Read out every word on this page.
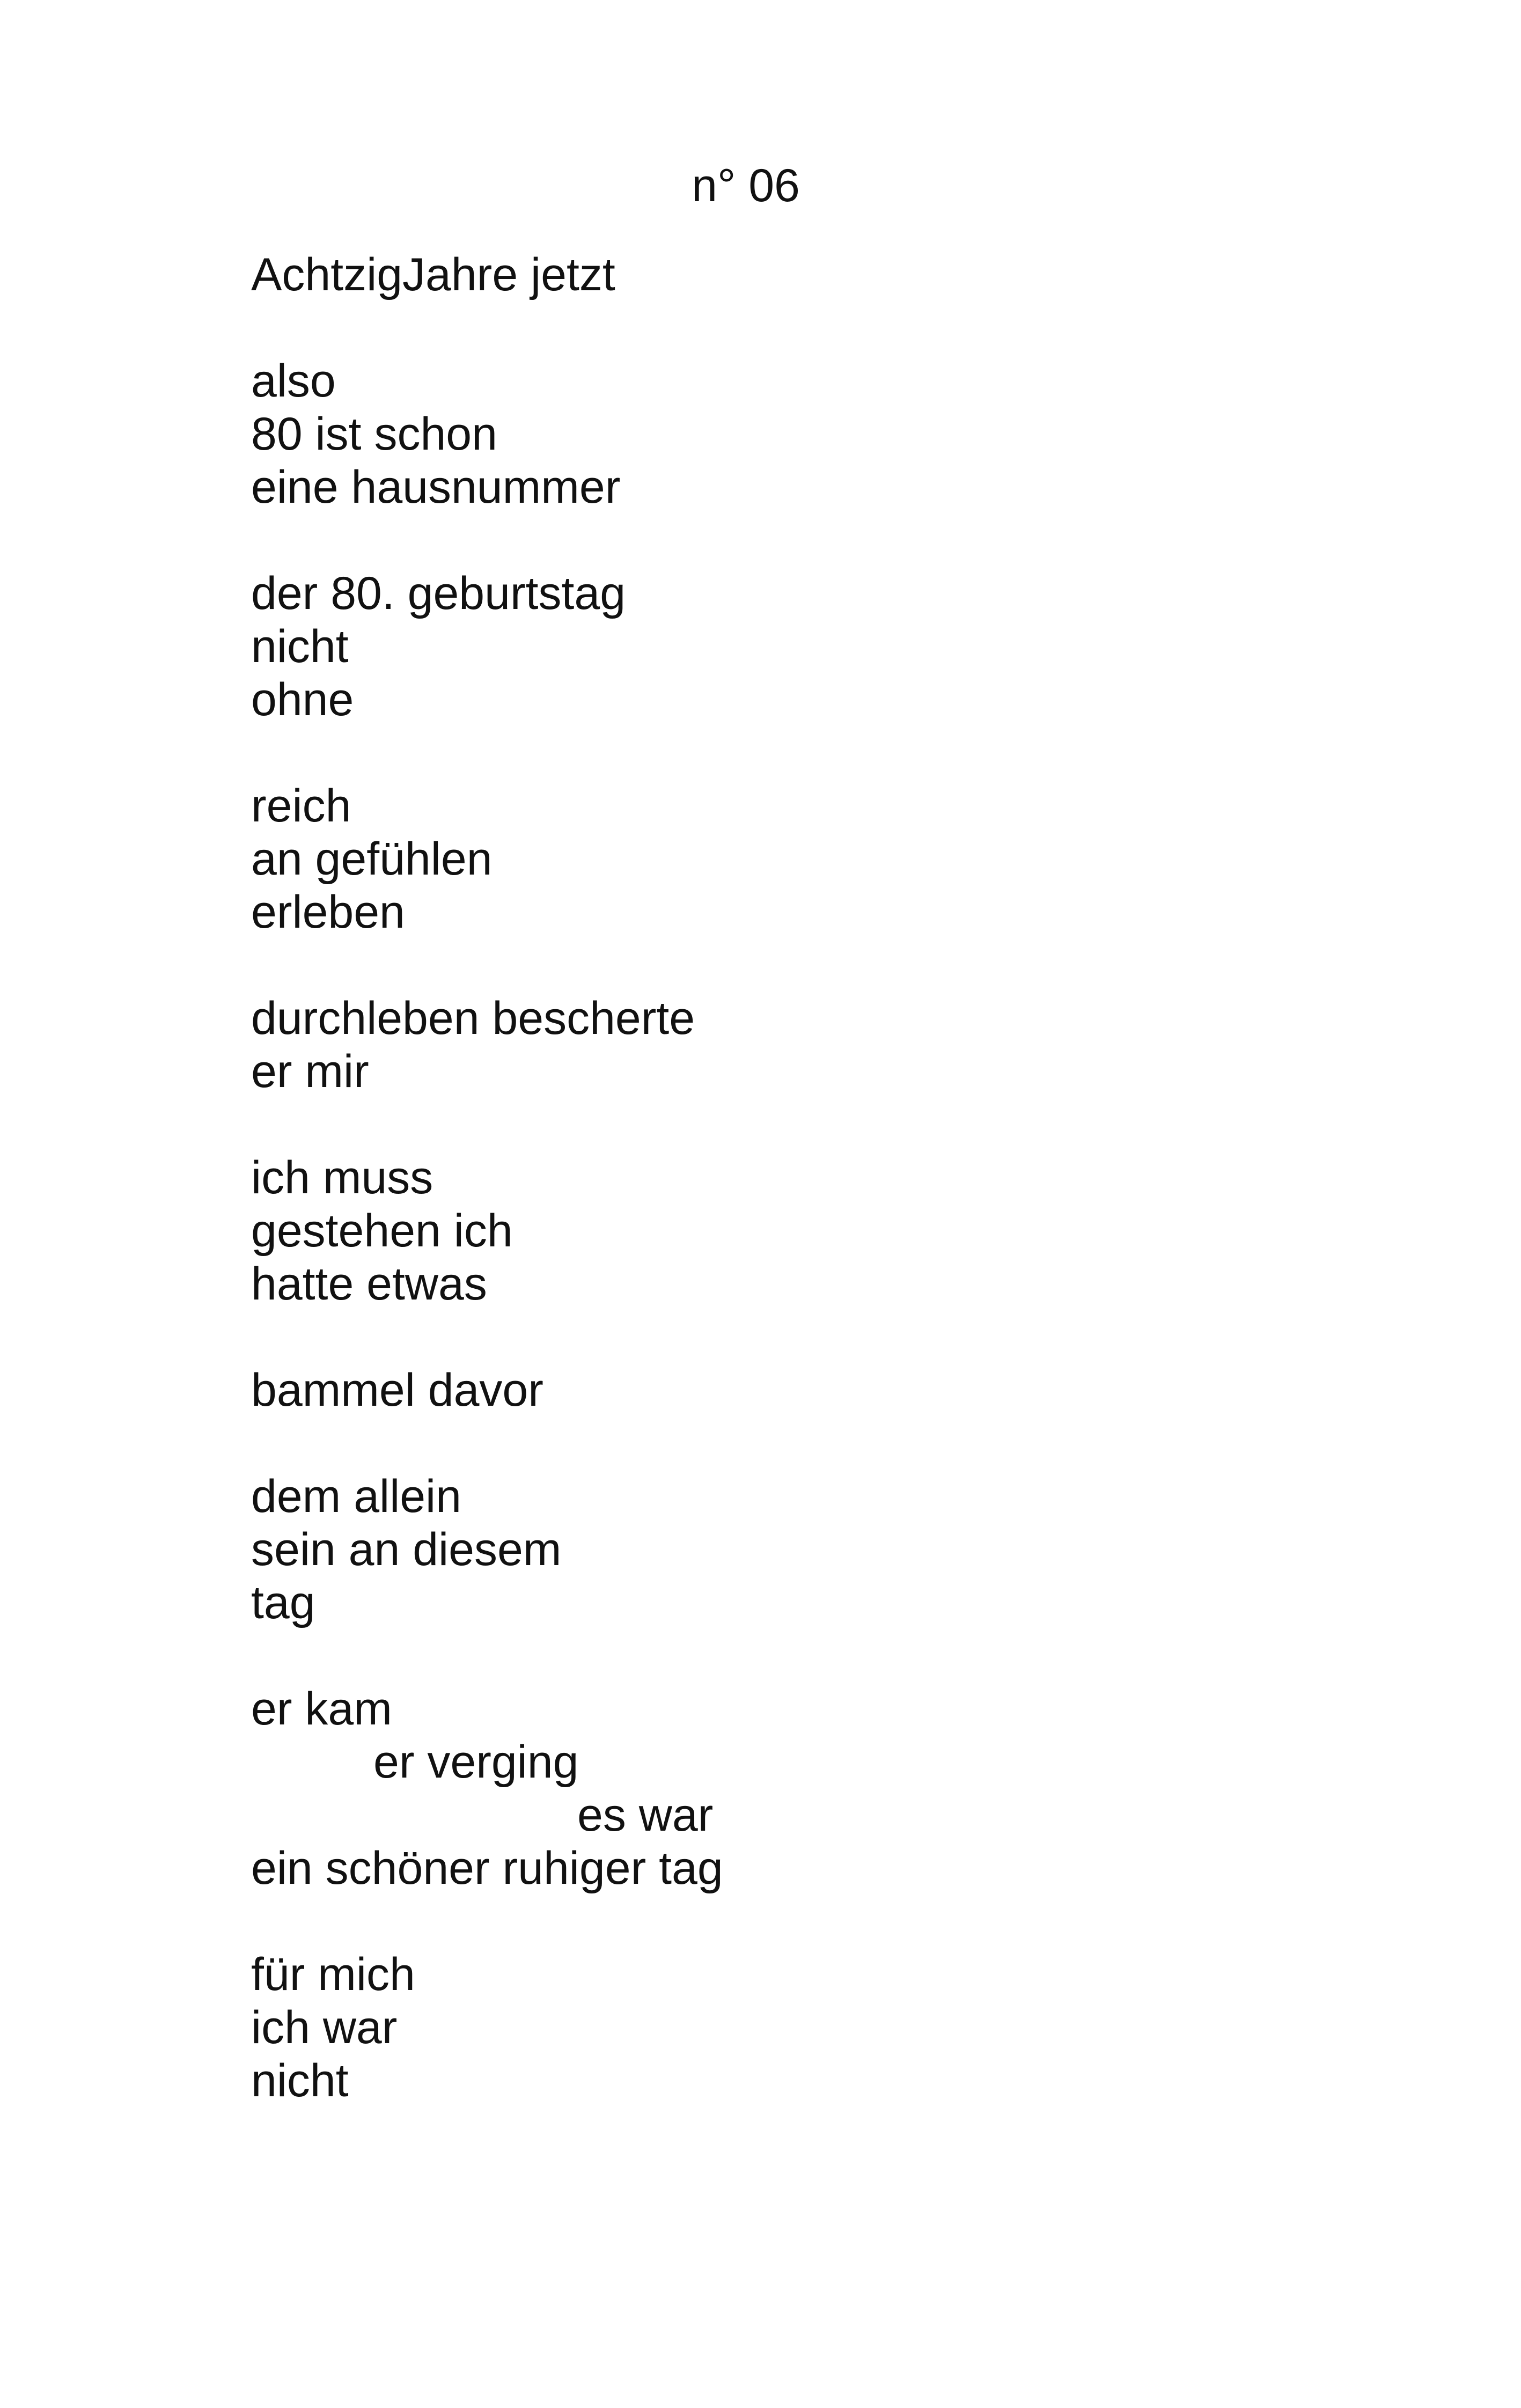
n° 06
AchtzigJahre jetzt
also
80 ist schon
eine hausnummer
der 80. geburtstag
nicht
ohne
reich
an gefühlen
erleben
durchleben bescherte
er mir
ich muss
gestehen ich
hatte etwas
bammel davor
dem allein
sein an diesem
tag
er kam
er verging
es war
ein schöner ruhiger tag
für mich
ich war
nicht
